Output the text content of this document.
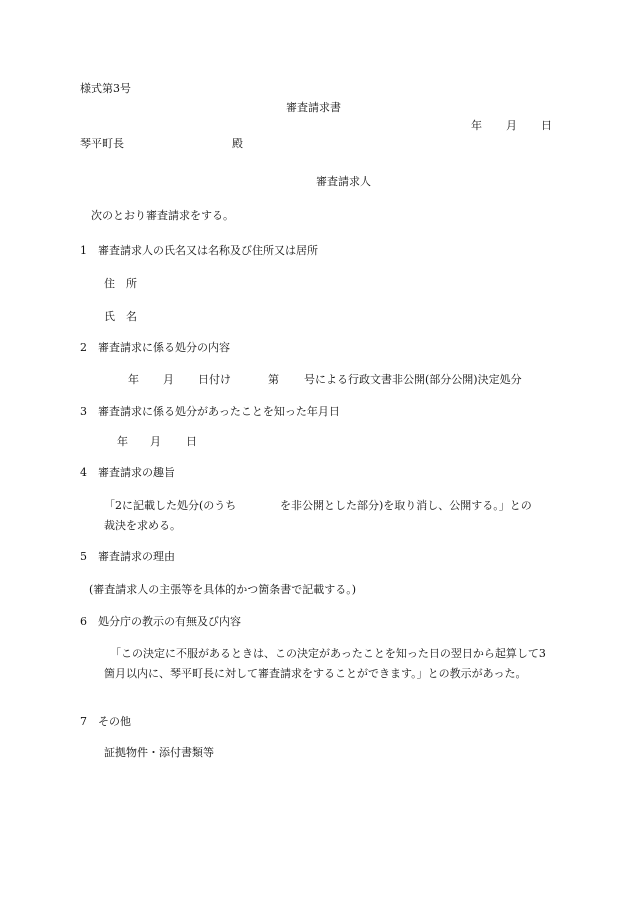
様式第3号
審査請求書
年 月 日
琴平町長	殿
審査請求人
次のとおり審査請求をする。
1　審査請求人の氏名又は名称及び住所又は居所
住　所
氏　名
2　審査請求に係る処分の内容
年 月 日付け	第 号による行政文書非公開(部分公開)決定処分
3　審査請求に係る処分があったことを知った年月日
年 月 日
4　審査請求の趣旨
「2に記載した処分(のうち	を非公開とした部分)を取り消し、公開する。」との
裁決を求める。
5　審査請求の理由
(審査請求人の主張等を具体的かつ箇条書で記載する。)
6　処分庁の教示の有無及び内容
「この決定に不服があるときは、この決定があったことを知った日の翌日から起算して3箇月以内に、琴平町長に対して審査請求をすることができます。」との教示があった。
7　その他
証拠物件・添付書類等
